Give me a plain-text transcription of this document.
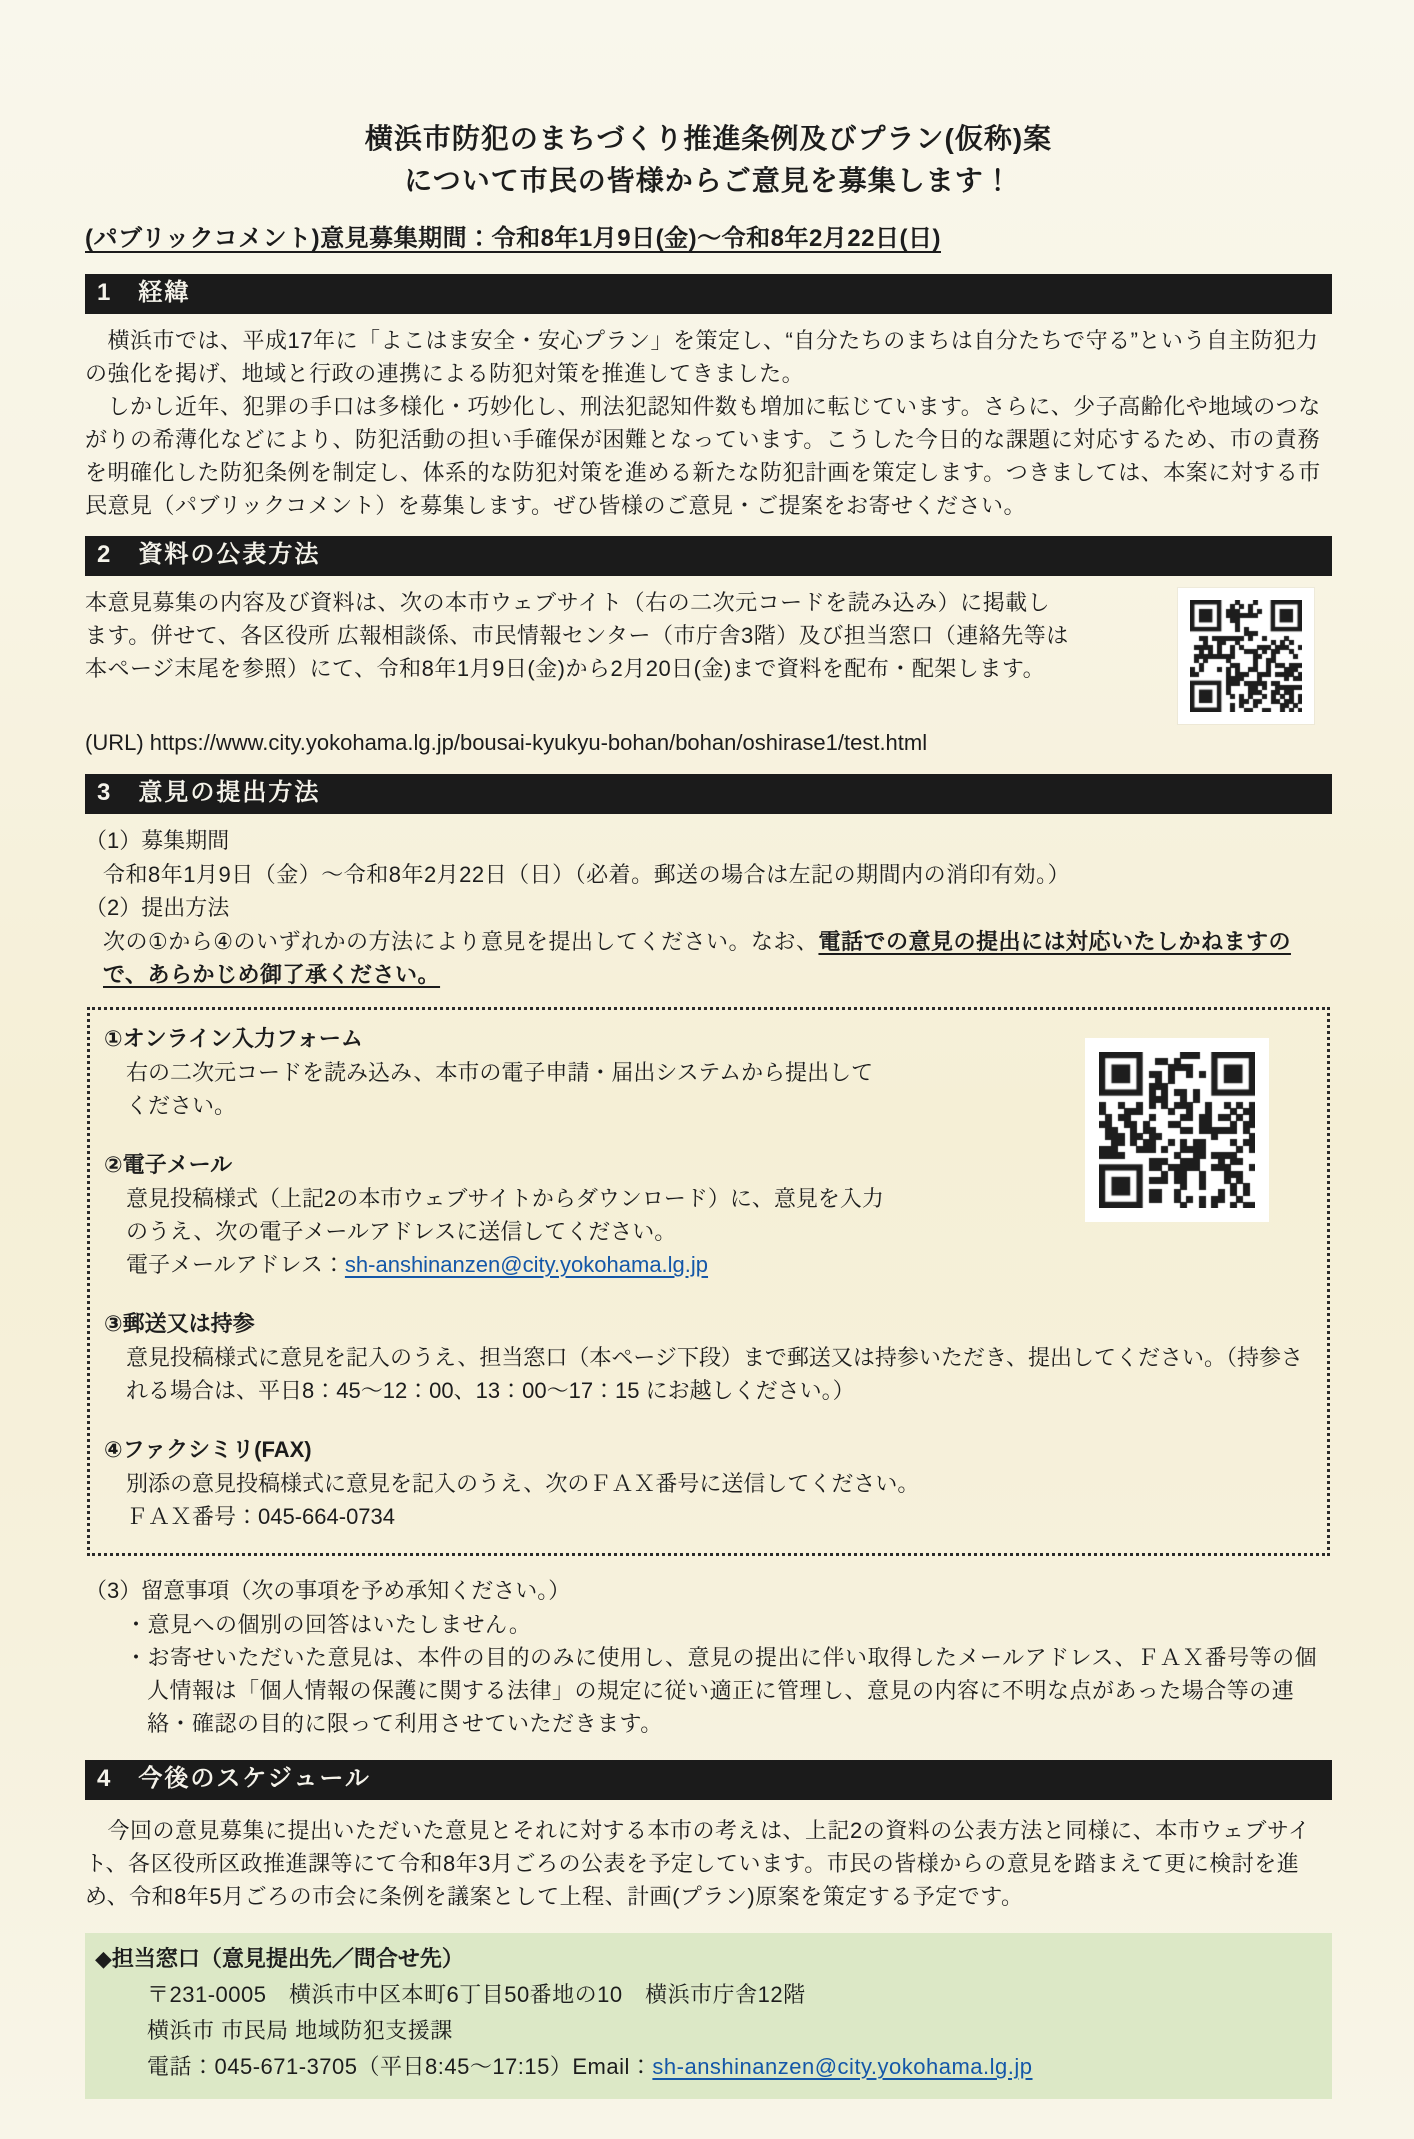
横浜市防犯のまちづくり推進条例及びプラン(仮称)案
について市民の皆様からご意見を募集します！
(パブリックコメント)意見募集期間：令和8年1月9日(金)～令和8年2月22日(日)
1　経緯

　横浜市では、平成17年に「よこはま安全・安心プラン」を策定し、“自分たちのまちは自分たちで守る”という自主防犯力の強化を掲げ、地域と行政の連携による防犯対策を推進してきました。

　しかし近年、犯罪の手口は多様化・巧妙化し、刑法犯認知件数も増加に転じています。さらに、少子高齢化や地域のつながりの希薄化などにより、防犯活動の担い手確保が困難となっています。こうした今日的な課題に対応するため、市の責務を明確化した防犯条例を制定し、体系的な防犯対策を進める新たな防犯計画を策定します。つきましては、本案に対する市民意見（パブリックコメント）を募集します。ぜひ皆様のご意見・ご提案をお寄せください。

2　資料の公表方法
本意見募集の内容及び資料は、次の本市ウェブサイト（右の二次元コードを読み込み）に掲載します。併せて、各区役所 広報相談係、市民情報センター（市庁舎3階）及び担当窓口（連絡先等は本ページ末尾を参照）にて、令和8年1月9日(金)から2月20日(金)まで資料を配布・配架します。
(URL) https://www.city.yokohama.lg.jp/bousai-kyukyu-bohan/bohan/oshirase1/test.html
3　意見の提出方法
（1）募集期間
令和8年1月9日（金）～令和8年2月22日（日）（必着。郵送の場合は左記の期間内の消印有効。）
（2）提出方法
次の①から④のいずれかの方法により意見を提出してください。なお、電話での意見の提出には対応いたしかねますので、あらかじめ御了承ください。
①オンライン入力フォーム
右の二次元コードを読み込み、本市の電子申請・届出システムから提出してください。
②電子メール
意見投稿様式（上記2の本市ウェブサイトからダウンロード）に、意見を入力のうえ、次の電子メールアドレスに送信してください。
電子メールアドレス：sh-anshinanzen@city.yokohama.lg.jp
③郵送又は持参
意見投稿様式に意見を記入のうえ、担当窓口（本ページ下段）まで郵送又は持参いただき、提出してください。（持参される場合は、平日8：45～12：00、13：00～17：15 にお越しください。）
④ファクシミリ(FAX)
別添の意見投稿様式に意見を記入のうえ、次のＦＡＸ番号に送信してください。
ＦＡＸ番号：045-664-0734
（3）留意事項（次の事項を予め承知ください。）
・意見への個別の回答はいたしません。
・お寄せいただいた意見は、本件の目的のみに使用し、意見の提出に伴い取得したメールアドレス、ＦＡＸ番号等の個人情報は「個人情報の保護に関する法律」の規定に従い適正に管理し、意見の内容に不明な点があった場合等の連絡・確認の目的に限って利用させていただきます。
4　今後のスケジュール

　今回の意見募集に提出いただいた意見とそれに対する本市の考えは、上記2の資料の公表方法と同様に、本市ウェブサイト、各区役所区政推進課等にて令和8年3月ごろの公表を予定しています。市民の皆様からの意見を踏まえて更に検討を進め、令和8年5月ごろの市会に条例を議案として上程、計画(プラン)原案を策定する予定です。

◆担当窓口（意見提出先／問合せ先）
〒231-0005　横浜市中区本町6丁目50番地の10　横浜市庁舎12階
横浜市 市民局 地域防犯支援課
電話：045-671-3705（平日8:45～17:15）Email：sh-anshinanzen@city.yokohama.lg.jp
